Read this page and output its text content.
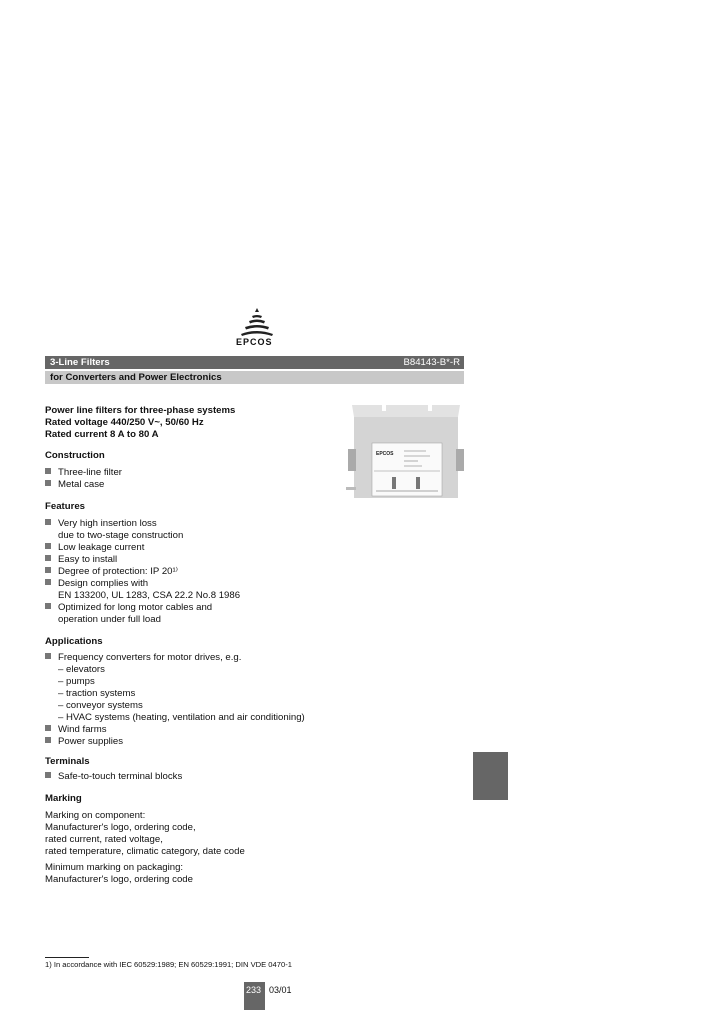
EPCOS
3-Line Filters	B84143-B*-R
for Converters and Power Electronics
EPCOS
Power line filters for three-phase systems
Rated voltage 440/250 V~, 50/60 Hz
Rated current 8 A to 80 A
Construction
Three-line filter
Metal case
Features
Very high insertion loss
due to two-stage construction
Low leakage current
Easy to install
Degree of protection: IP 20¹⁾
Design complies with
EN 133200, UL 1283, CSA 22.2 No.8 1986
Optimized for long motor cables and
operation under full load
Applications
Frequency converters for motor drives, e.g.
– elevators
– pumps
– traction systems
– conveyor systems
– HVAC systems (heating, ventilation and air conditioning)
Wind farms
Power supplies
Terminals
Safe-to-touch terminal blocks
Marking
Marking on component:
Manufacturer's logo, ordering code,
rated current, rated voltage,
rated temperature, climatic category, date code
Minimum marking on packaging:
Manufacturer's logo, ordering code
1) In accordance with IEC 60529:1989; EN 60529:1991; DIN VDE 0470-1
233 03/01
